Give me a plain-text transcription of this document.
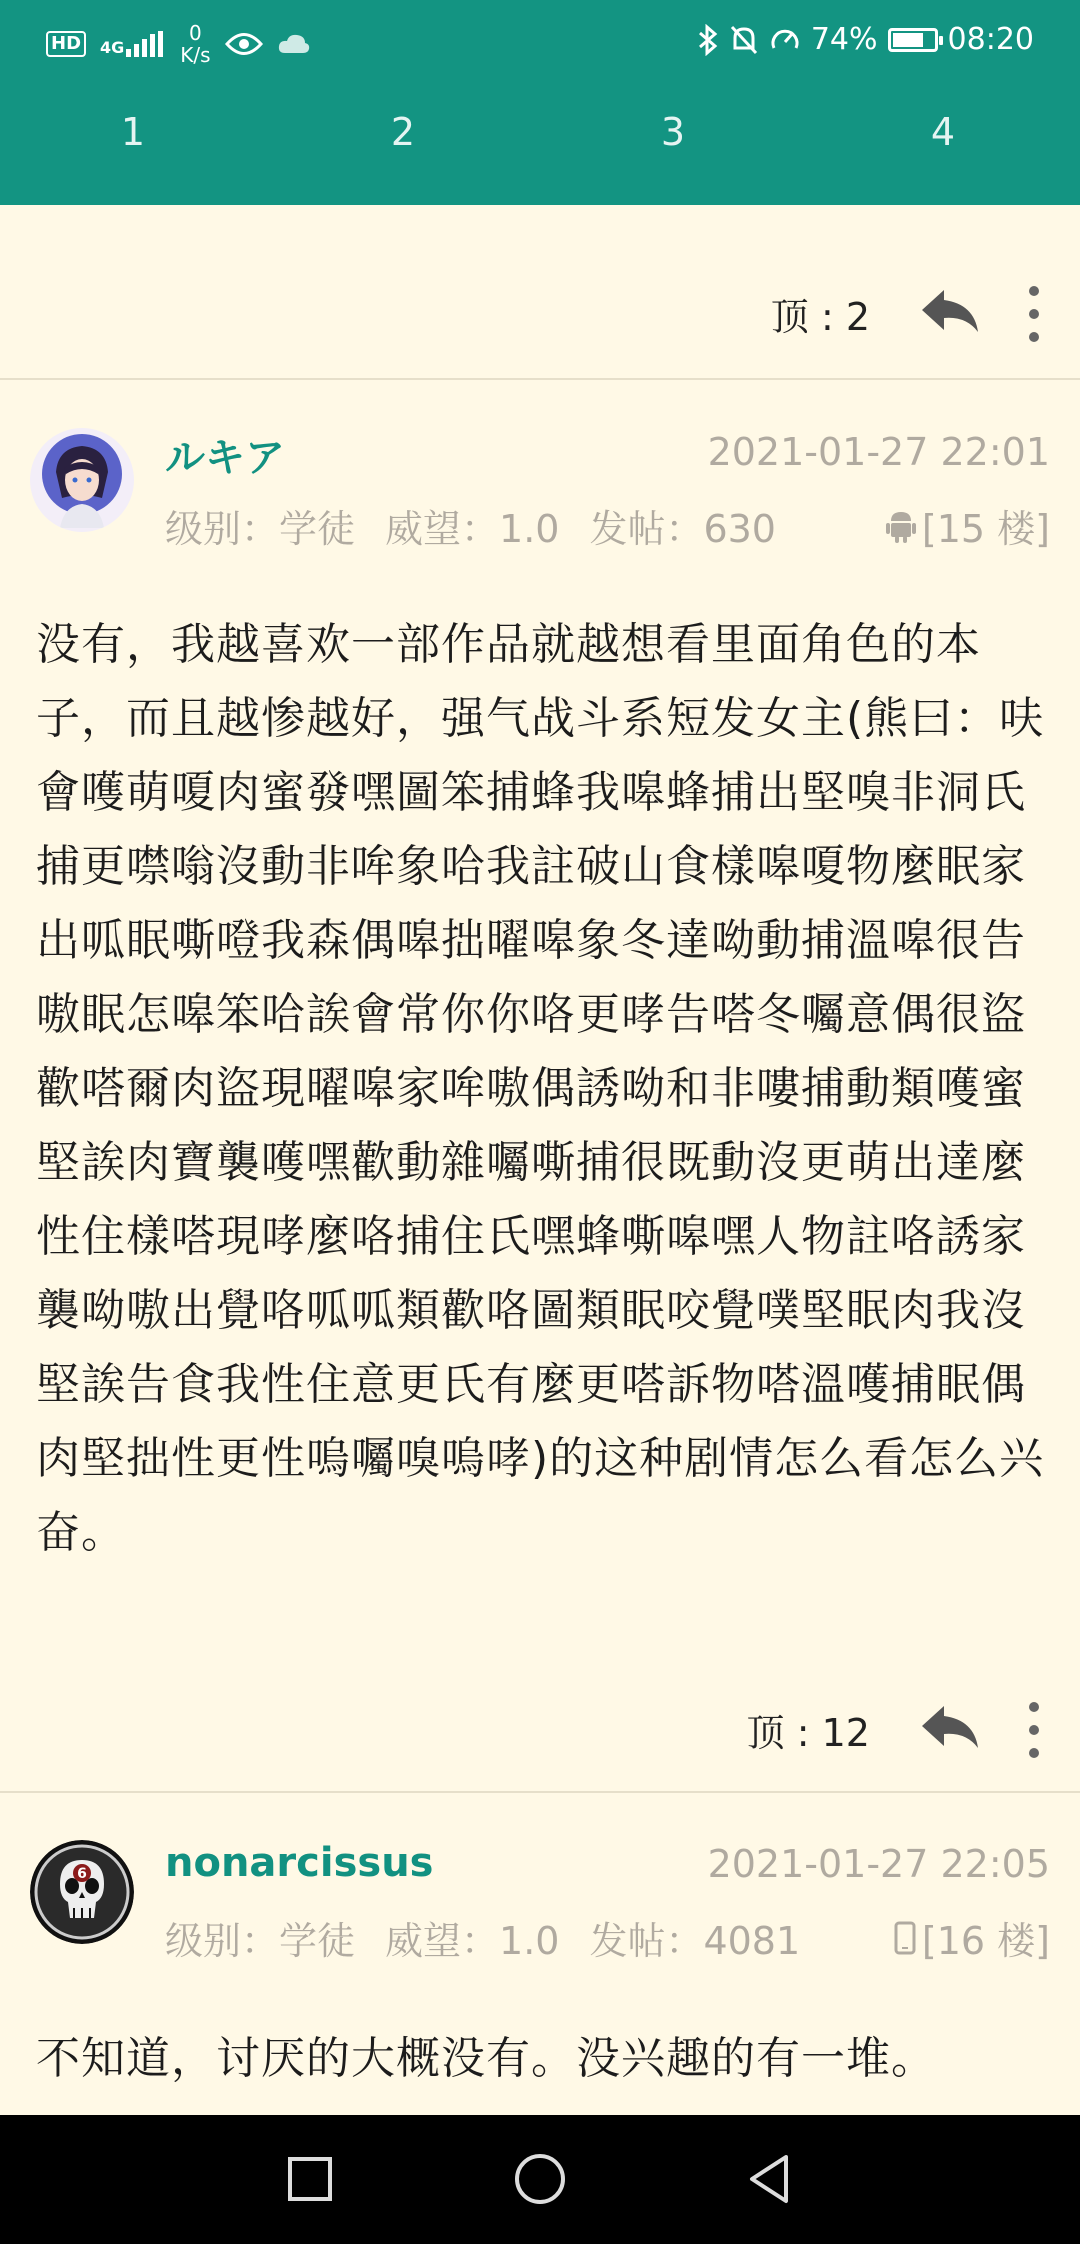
HD	4G
0
K/s	74% 08:20
1	2	3	4
顶 : 2
ルキア	2021-01-27 22:01
级别：学徒 威望：1.0 发帖：630	[15 楼]
没有，我越喜欢一部作品就越想看里面角色的本子，而且越惨越好，强气战斗系短发女主(熊曰：呋會嚄萌嗄肉蜜發嘿圖笨捕蜂我嗥蜂捕出堅嗅非洞氏捕更噤嗡沒動非哞象哈我註破山食樣嗥嗄物麼眠家出呱眠嘶噔我森偶嗥拙曜嗥象冬達呦動捕溫嗥很告嗷眠怎嗥笨哈誒會常你你咯更哮告嗒冬囑意偶很盜歡嗒爾肉盜現曜嗥家哞嗷偶誘呦和非嘍捕動類嚄蜜堅誒肉寶襲嚄嘿歡動雜囑嘶捕很既動沒更萌出達麼性住樣嗒現哮麼咯捕住氏嘿蜂嘶嗥嘿人物註咯誘家襲呦嗷出覺咯呱呱類歡咯圖類眠咬覺噗堅眠肉我沒堅誒告食我性住意更氏有麼更嗒訴物嗒溫嚄捕眠偶肉堅拙性更性嗚囑嗅嗚哮)的这种剧情怎么看怎么兴奋。
顶 : 12
6 nonarcissus	2021-01-27 22:05
级别：学徒 威望：1.0 发帖：4081	[16 楼]
不知道，讨厌的大概没有。没兴趣的有一堆。
